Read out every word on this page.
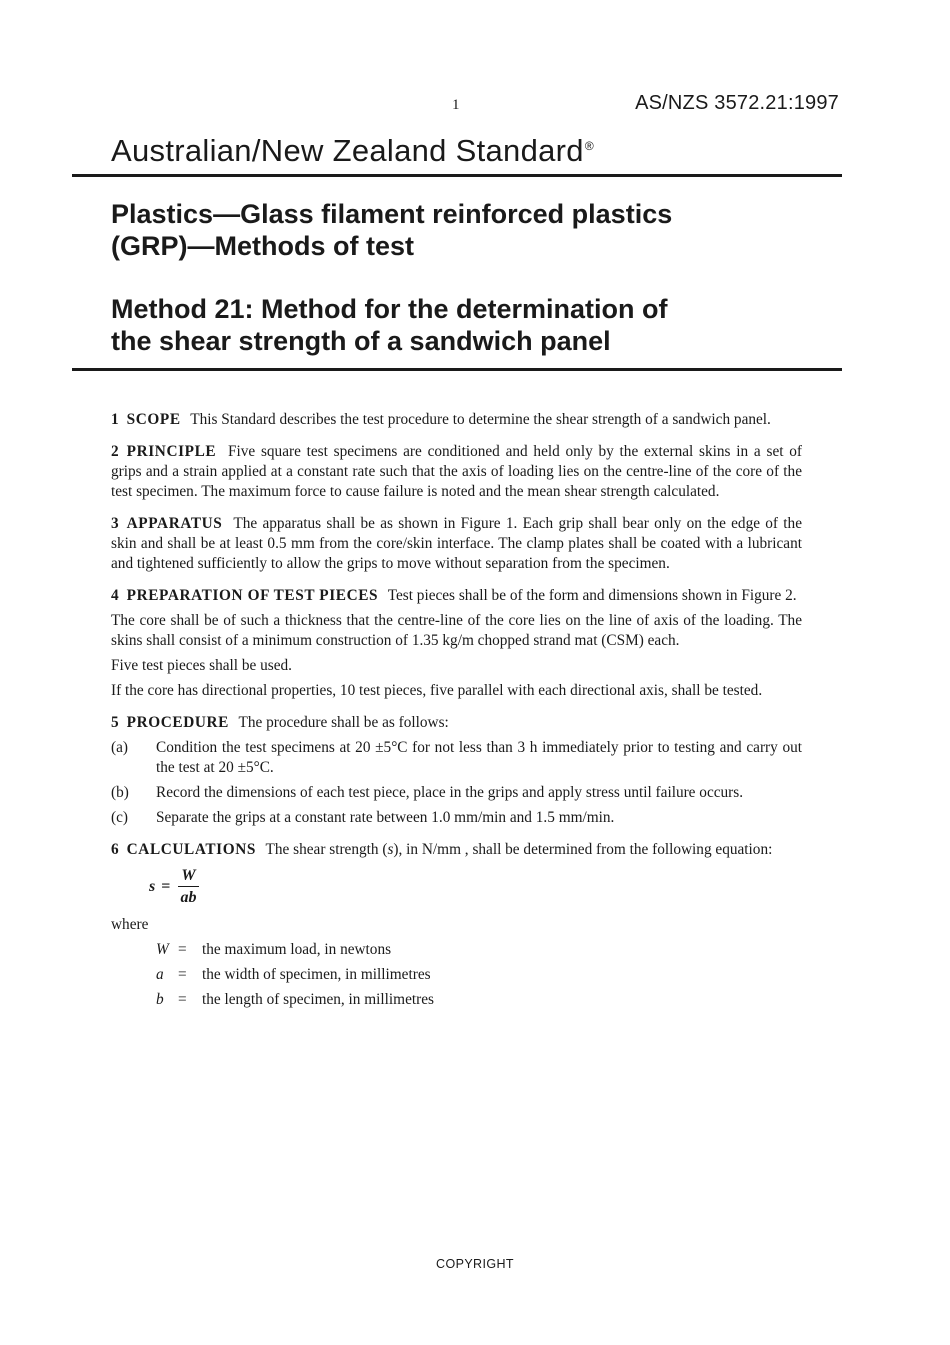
1	AS/NZS 3572.21:1997
Australian/New Zealand Standard®
Plastics—Glass filament reinforced plastics
(GRP)—Methods of test
Method 21: Method for the determination of
the shear strength of a sandwich panel

1 SCOPE This Standard describes the test procedure to determine the shear strength of a sandwich panel.

2 PRINCIPLE Five square test specimens are conditioned and held only by the external skins in a set of grips and a strain applied at a constant rate such that the axis of loading lies on the centre-line of the core of the test specimen. The maximum force to cause failure is noted and the mean shear strength calculated.

3 APPARATUS The apparatus shall be as shown in Figure 1. Each grip shall bear only on the edge of the skin and shall be at least 0.5 mm from the core/skin interface. The clamp plates shall be coated with a lubricant and tightened sufficiently to allow the grips to move without separation from the specimen.

4 PREPARATION OF TEST PIECES Test pieces shall be of the form and dimensions shown in Figure 2.

The core shall be of such a thickness that the centre-line of the core lies on the line of axis of the loading. The skins shall consist of a minimum construction of 1.35 kg/m chopped strand mat (CSM) each.

Five test pieces shall be used.

If the core has directional properties, 10 test pieces, five parallel with each directional axis, shall be tested.

5 PROCEDURE The procedure shall be as follows:

(a)	Condition the test specimens at 20 ±5°C for not less than 3 h immediately prior to testing and carry out the test at 20 ±5°C.
(b)	Record the dimensions of each test piece, place in the grips and apply stress until failure occurs.
(c)	Separate the grips at a constant rate between 1.0 mm/min and 1.5 mm/min.

6 CALCULATIONS The shear strength (s), in N/mm , shall be determined from the following equation:

$s = \frac{W}{ab}$

where

W =	the maximum load, in newtons
a =	the width of specimen, in millimetres
b =	the length of specimen, in millimetres
COPYRIGHT
